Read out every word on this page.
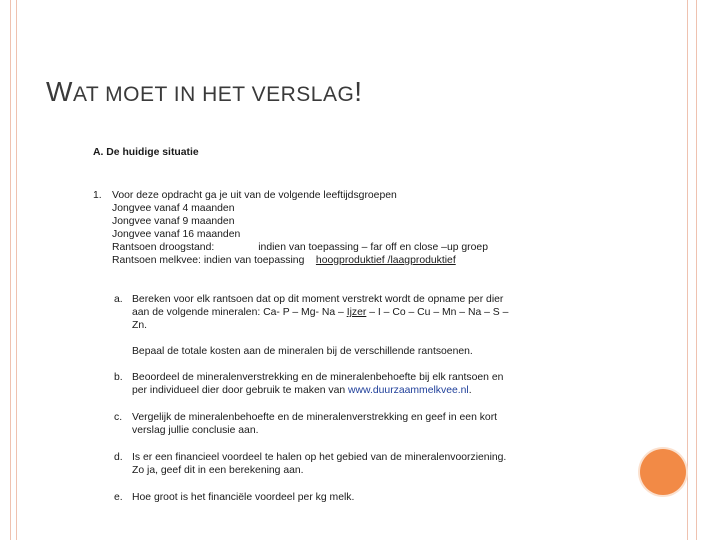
WAT MOET IN HET VERSLAG!
A. De huidige situatie
1. Voor deze opdracht ga je uit van de volgende leeftijdsgroepen
Jongvee vanaf 4 maanden
Jongvee vanaf 9 maanden
Jongvee vanaf 16 maanden
Rantsoen droogstand:	indien van toepassing – far off en close –up groep
Rantsoen melkvee: indien van toepassing hoogproduktief /laagproduktief
a. Bereken voor elk rantsoen dat op dit moment verstrekt wordt de opname per dier
aan de volgende mineralen: Ca- P – Mg- Na – Ijzer – I – Co – Cu – Mn – Na – S –
Zn.
Bepaal de totale kosten aan de mineralen bij de verschillende rantsoenen.
b. Beoordeel de mineralenverstrekking en de mineralenbehoefte bij elk rantsoen en
per individueel dier door gebruik te maken van www.duurzaammelkvee.nl.
c. Vergelijk de mineralenbehoefte en de mineralenverstrekking en geef in een kort
verslag jullie conclusie aan.
d. Is er een financieel voordeel te halen op het gebied van de mineralenvoorziening.
Zo ja, geef dit in een berekening aan.
e. Hoe groot is het financiële voordeel per kg melk.
